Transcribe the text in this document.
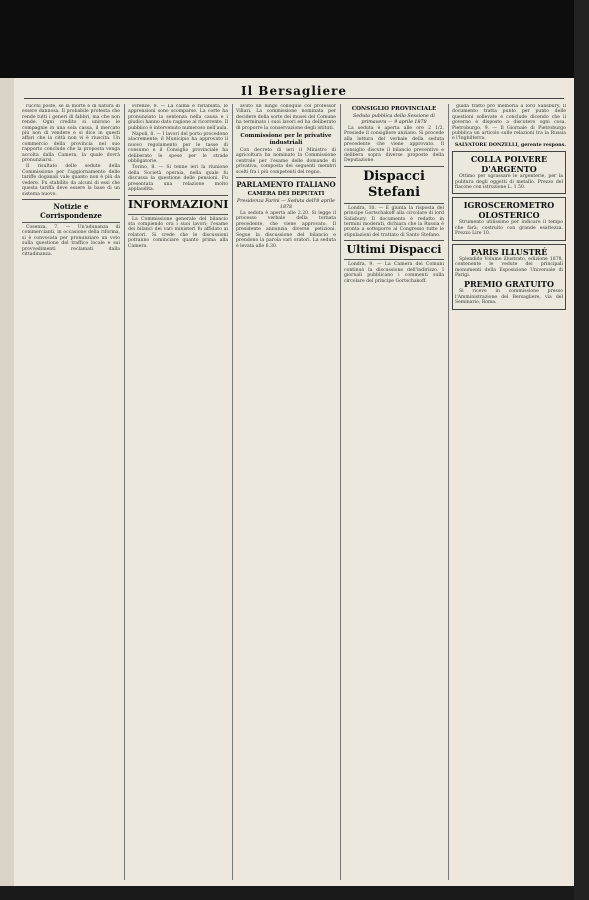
Il Bersagliere

rucchi poste, se la morte è di natura di essere dannosa. Il probabile protesta che rende tutti i generi di fabbri, ma che non rende. Ogni credito si unirono le compagnie in una sola cassa, il mercato più non di vendere e si dice in questi affari che la città non vi è riuscita. Un commercio della provincia nel suo rapporto conclude che la proposta venga accolta dalla Camera, la quale dovrà pronunziarsi.

Il risultato delle sedute della Commissione per l'aggiornamento delle tariffe doganali vale quanto non è più da vedere. Fu stabilito da alcuni di essi che questa tariffa deve essere la base di un sistema nuovo.

Notizie e Corrispondenze

Cosenza, 7. — Un'adunanza di commercianti, in occasione della riforma, si è convocata per pronunziare un voto sulla questione del traffico locale e sui provvedimenti reclamati dalla cittadinanza.

Firenze, 8. — La calma è ristabilita, le apprensioni sono scomparse. La corte ha pronunziato la sentenza nella causa e i giudici hanno dato ragione al ricorrente. Il pubblico è intervenuto numeroso nell'aula.

Napoli, 8. — I lavori del porto procedono alacremente; il Municipio ha approvato il nuovo regolamento per le tasse di consumo e il Consiglio provinciale ha deliberato le spese per le strade obbligatorie.

Torino, 8. — Si tenne ieri la riunione della Società operaia, nella quale fu discussa la questione delle pensioni. Fu presentata una relazione molto applaudita.

INFORMAZIONI

La Commissione generale del bilancio sta compiendo ora i suoi lavori; l'esame dei bilanci dei vari ministeri fu affidato ai relatori. Si crede che le discussioni potranno cominciare quanto prima alla Camera.

avuto un lungo colloquio col professor Villari. La commissione nominata per decidere della sorte dei musei del Comune ha terminato i suoi lavori ed ha deliberato di proporre la conservazione degli istituti.

Commissione per le privative industriali

Con decreto di ieri il Ministro di agricoltura ha nominato la Commissione centrale per l'esame delle domande di privativa, composta dei seguenti membri scelti fra i più competenti del regno.

PARLAMENTO ITALIANO
CAMERA DEI DEPUTATI
Presidenza Farini — Seduta dell'8 aprile 1878

La seduta è aperta alle 2.20. Si legge il processo verbale della tornata precedente, che viene approvato. Il presidente annunzia diverse petizioni. Segue la discussione del bilancio e prendono la parola vari oratori. La seduta è levata alle 6.30.

CONSIGLIO PROVINCIALE
Seduta pubblica della Sessione di primavera — 9 aprile 1878

La seduta è aperta alle ore 2 1/2. Presiede il consigliere anziano. Si procede alla lettura del verbale della seduta precedente che viene approvato. Il consiglio discute il bilancio preventivo e delibera sopra diverse proposte della Deputazione.

Dispacci Stefani

Londra, 10. — È giunta la risposta del principe Gortschakoff alla circolare di lord Salisbury. Il documento è redatto in termini moderati, dichiara che la Russia è pronta a sottoporre al Congresso tutte le stipulazioni del trattato di Santo Stefano.

Ultimi Dispacci

Londra, 9. — La Camera dei Comuni continuò la discussione dell'indirizzo. I giornali pubblicano i commenti sulla circolare del principe Gortschakoff.

guida tratto pro memoria a lord Salisbury. Il documento tratta punto per punto delle questioni sollevate e conclude dicendo che il governo è disposto a discutere ogni cosa. Pietroburgo, 9. — Il Giornale di Pietroburgo pubblica un articolo sulle relazioni tra la Russia e l'Inghilterra.

SALVATORE DONZELLI, gerente respons.
COLLA POLVERE D'ARGENTO

Ottimo per sgrassare le argenterie, per la pulitura degli oggetti di metallo. Prezzo del flacone con istruzione L. 1.50.

IGROSCEROMETRO OLOSTERICO

Strumento utilissimo per indicare il tempo che farà; costruito con grande esattezza. Prezzo Lire 10.

PARIS ILLUSTRÉ

Splendido Volume illustrato, edizione 1878, contenente le vedute dei principali monumenti della Esposizione Universale di Parigi.

PREMIO GRATUITO

Si riceve in commissione presso l'Amministrazione del Bersagliere, via del Seminario, Roma.
